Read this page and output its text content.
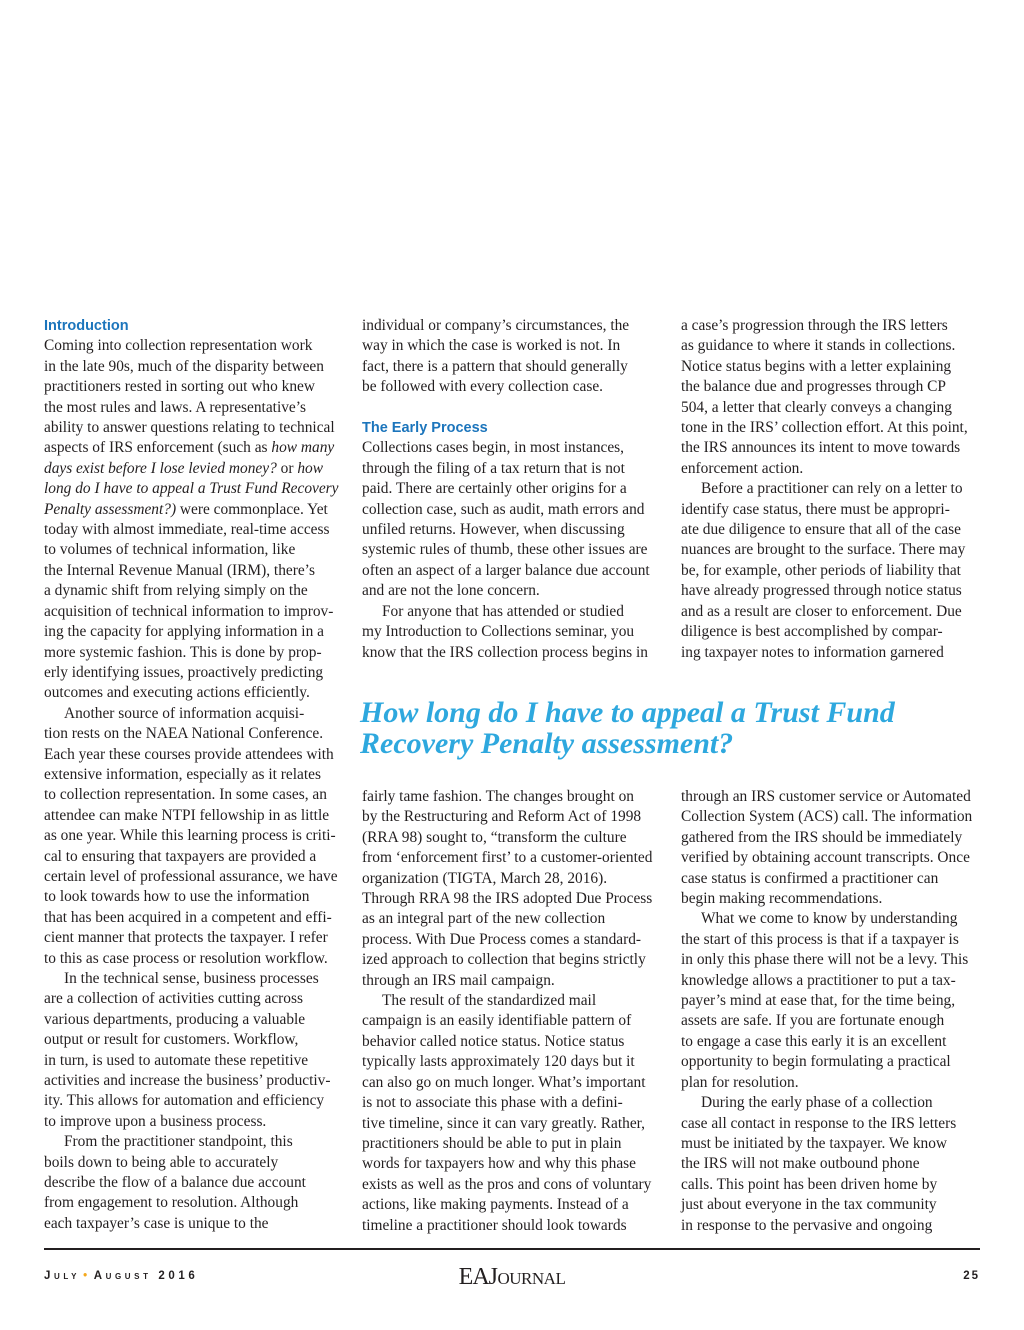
Introduction
Coming into collection representation work
in the late 90s, much of the disparity between
practitioners rested in sorting out who knew
the most rules and laws. A representative’s
ability to answer questions relating to technical
aspects of IRS enforcement (such as how many
days exist before I lose levied money? or how
long do I have to appeal a Trust Fund Recovery
Penalty assessment?) were commonplace. Yet
today with almost immediate, real-time access
to volumes of technical information, like
the Internal Revenue Manual (IRM), there’s
a dynamic shift from relying simply on the
acquisition of technical information to improv-
ing the capacity for applying information in a
more systemic fashion. This is done by prop-
erly identifying issues, proactively predicting
outcomes and executing actions efficiently.
Another source of information acquisi-
tion rests on the NAEA National Conference.
Each year these courses provide attendees with
extensive information, especially as it relates
to collection representation. In some cases, an
attendee can make NTPI fellowship in as little
as one year. While this learning process is criti-
cal to ensuring that taxpayers are provided a
certain level of professional assurance, we have
to look towards how to use the information
that has been acquired in a competent and effi-
cient manner that protects the taxpayer. I refer
to this as case process or resolution workflow.
In the technical sense, business processes
are a collection of activities cutting across
various departments, producing a valuable
output or result for customers. Workflow,
in turn, is used to automate these repetitive
activities and increase the business’ productiv-
ity. This allows for automation and efficiency
to improve upon a business process.
From the practitioner standpoint, this
boils down to being able to accurately
describe the flow of a balance due account
from engagement to resolution. Although
each taxpayer’s case is unique to the
individual or company’s circumstances, the
way in which the case is worked is not. In
fact, there is a pattern that should generally
be followed with every collection case.
The Early Process
Collections cases begin, in most instances,
through the filing of a tax return that is not
paid. There are certainly other origins for a
collection case, such as audit, math errors and
unfiled returns. However, when discussing
systemic rules of thumb, these other issues are
often an aspect of a larger balance due account
and are not the lone concern.
For anyone that has attended or studied
my Introduction to Collections seminar, you
know that the IRS collection process begins in
a case’s progression through the IRS letters
as guidance to where it stands in collections.
Notice status begins with a letter explaining
the balance due and progresses through CP
504, a letter that clearly conveys a changing
tone in the IRS’ collection effort. At this point,
the IRS announces its intent to move towards
enforcement action.
Before a practitioner can rely on a letter to
identify case status, there must be appropri-
ate due diligence to ensure that all of the case
nuances are brought to the surface. There may
be, for example, other periods of liability that
have already progressed through notice status
and as a result are closer to enforcement. Due
diligence is best accomplished by compar-
ing taxpayer notes to information garnered
How long do I have to appeal a Trust Fund
Recovery Penalty assessment?
fairly tame fashion. The changes brought on
by the Restructuring and Reform Act of 1998
(RRA 98) sought to, “transform the culture
from ‘enforcement first’ to a customer-oriented
organization (TIGTA, March 28, 2016).
Through RRA 98 the IRS adopted Due Process
as an integral part of the new collection
process. With Due Process comes a standard-
ized approach to collection that begins strictly
through an IRS mail campaign.
The result of the standardized mail
campaign is an easily identifiable pattern of
behavior called notice status. Notice status
typically lasts approximately 120 days but it
can also go on much longer. What’s important
is not to associate this phase with a defini-
tive timeline, since it can vary greatly. Rather,
practitioners should be able to put in plain
words for taxpayers how and why this phase
exists as well as the pros and cons of voluntary
actions, like making payments. Instead of a
timeline a practitioner should look towards
through an IRS customer service or Automated
Collection System (ACS) call. The information
gathered from the IRS should be immediately
verified by obtaining account transcripts. Once
case status is confirmed a practitioner can
begin making recommendations.
What we come to know by understanding
the start of this process is that if a taxpayer is
in only this phase there will not be a levy. This
knowledge allows a practitioner to put a tax-
payer’s mind at ease that, for the time being,
assets are safe. If you are fortunate enough
to engage a case this early it is an excellent
opportunity to begin formulating a practical
plan for resolution.
During the early phase of a collection
case all contact in response to the IRS letters
must be initiated by the taxpayer. We know
the IRS will not make outbound phone
calls. This point has been driven home by
just about everyone in the tax community
in response to the pervasive and ongoing
July • August 2016	EAJournal	25
